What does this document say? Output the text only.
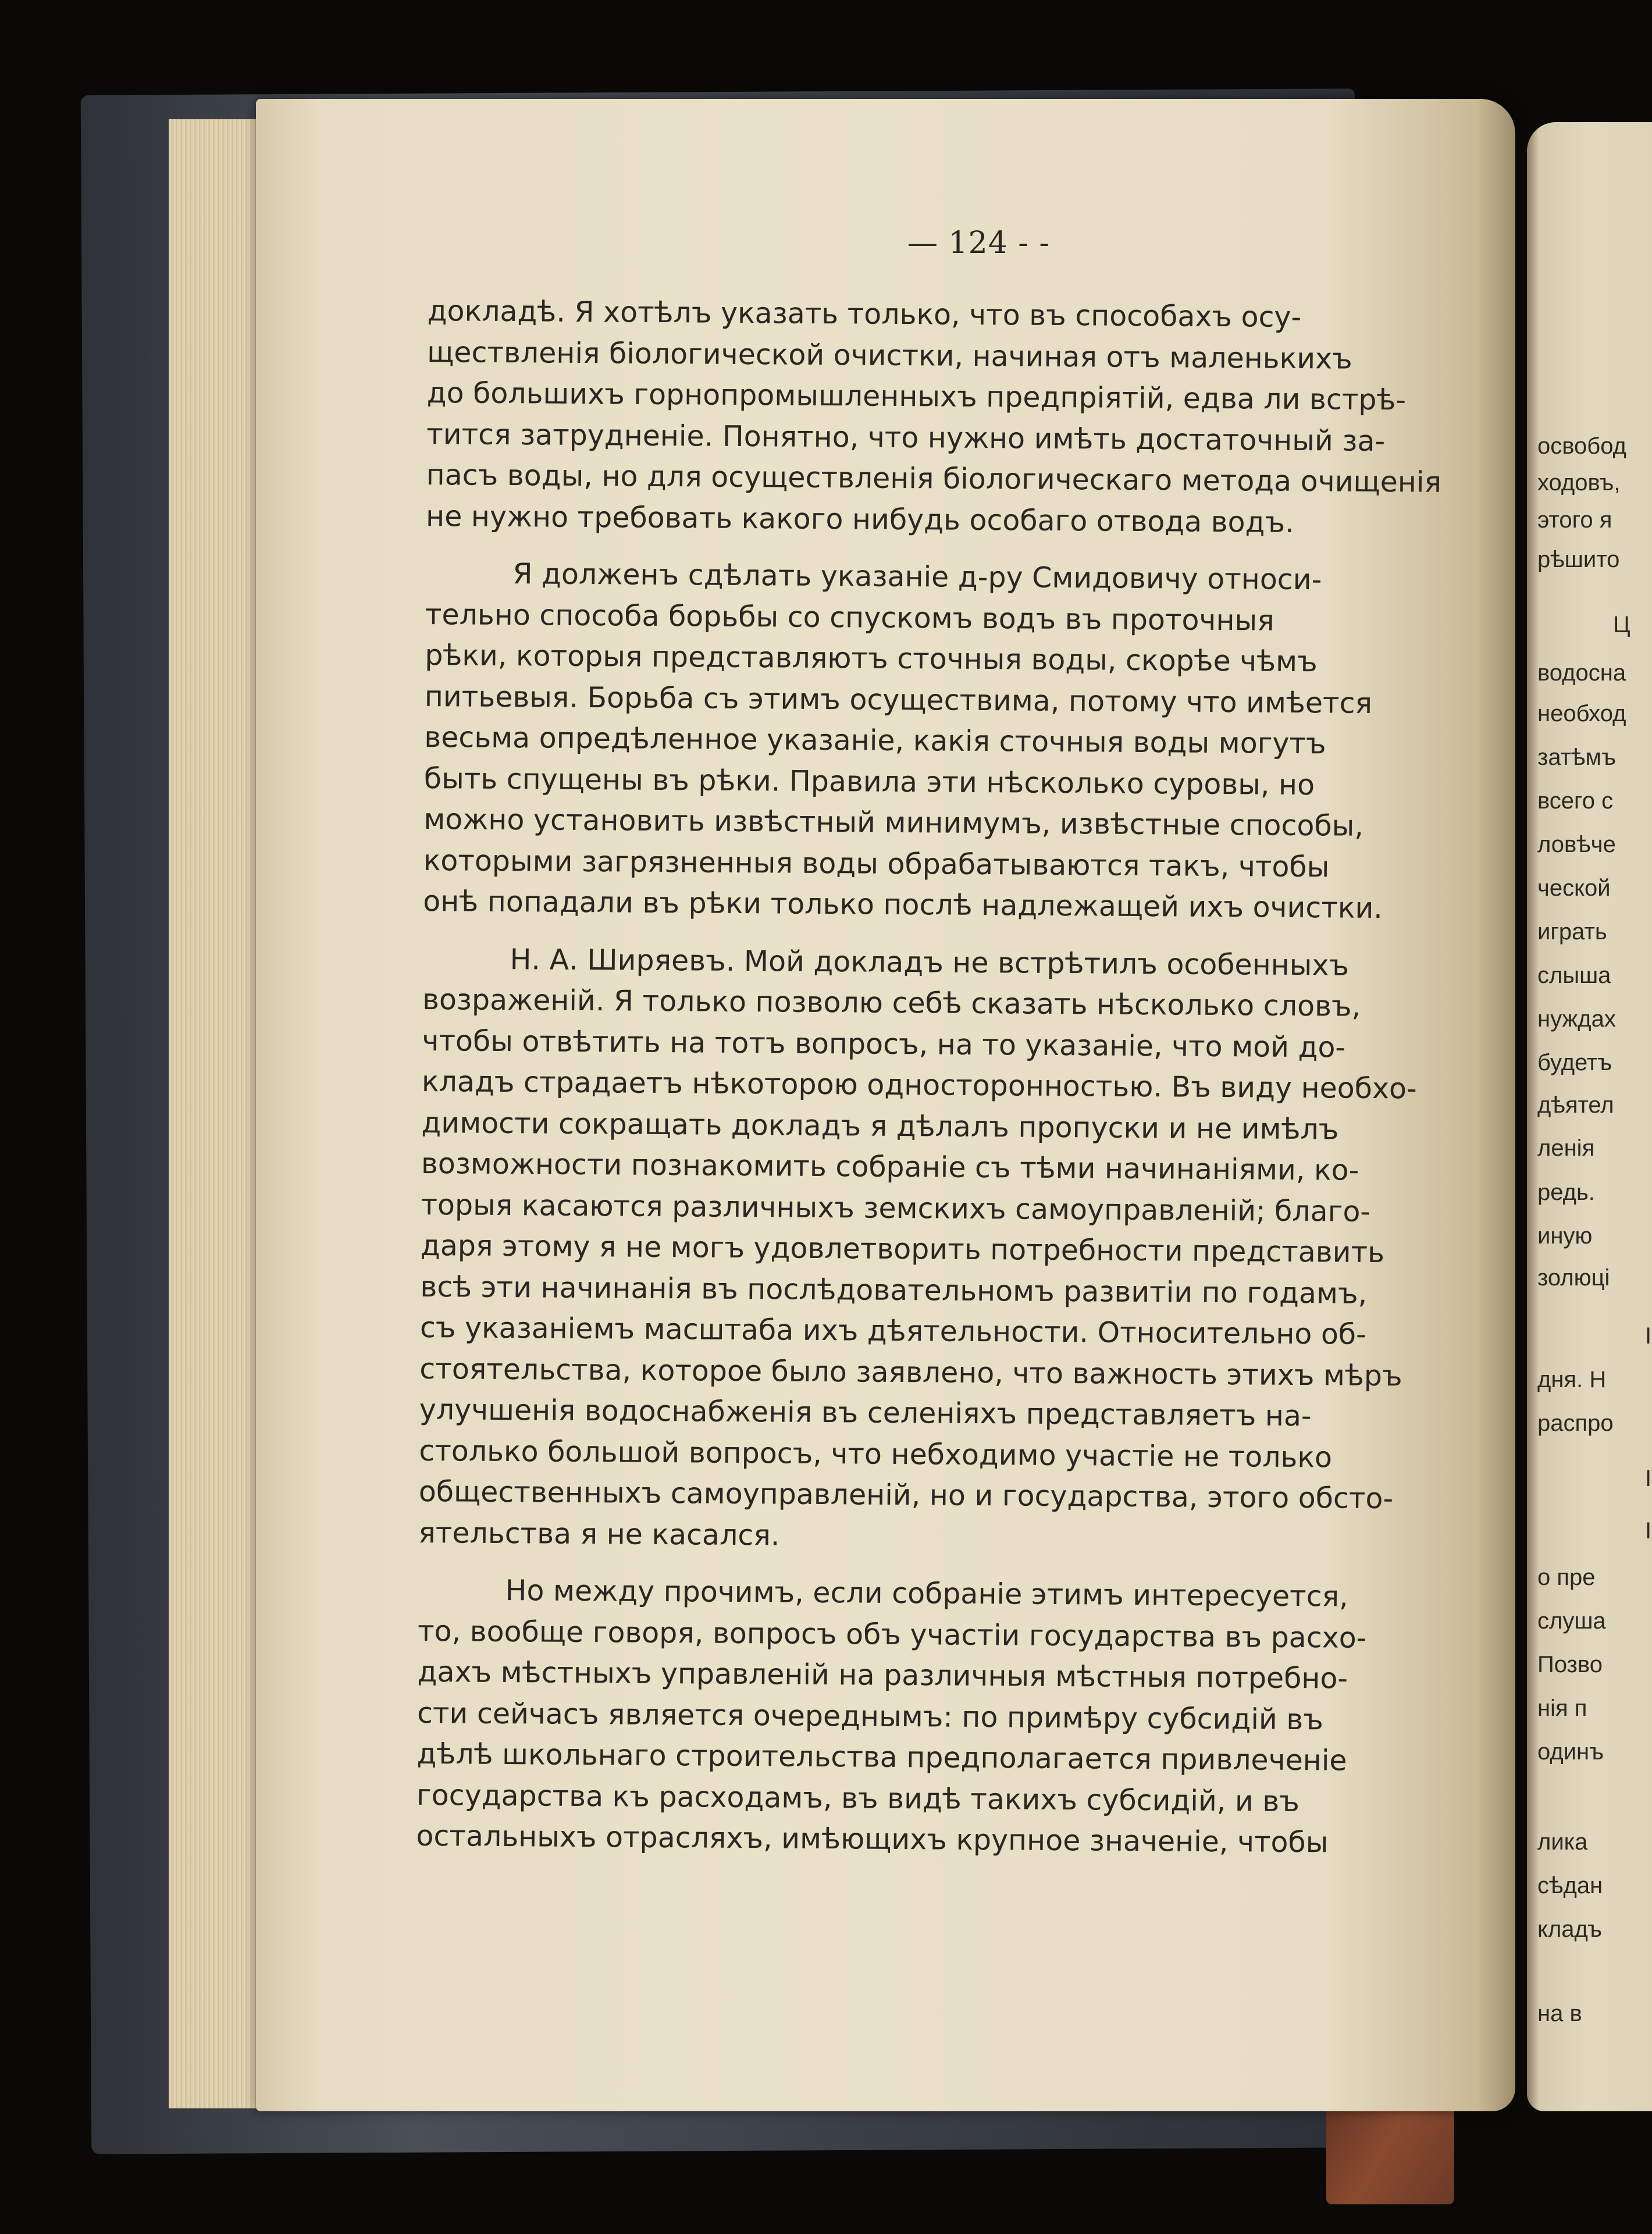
освобод
ходовъ,
этого я
рѣшито
Ц
водосна
необход
затѣмъ
всего с
ловѣче
ческой
играть
слыша
нуждах
будетъ
дѣятел
ленія
редь.
иную
золюці
І
дня. Н
распро
І
І
о пре
слуша
Позво
нія п
одинъ
лика
сѣдан
кладъ
на в
— 124 - -

докладѣ. Я хотѣлъ указать только, что въ способахъ осу-
ществленія біологической очистки, начиная отъ маленькихъ
до большихъ горнопромышленныхъ предпріятій, едва ли встрѣ-
тится затрудненіе. Понятно, что нужно имѣть достаточный за-
пасъ воды, но для осуществленія біологическаго метода очищенія
не нужно требовать какого нибудь особаго отвода водъ.

Я долженъ сдѣлать указаніе д-ру Смидовичу относи-
тельно способа борьбы со спускомъ водъ въ проточныя
рѣки, которыя представляютъ сточныя воды, скорѣе чѣмъ
питьевыя. Борьба съ этимъ осуществима, потому что имѣется
весьма опредѣленное указаніе, какія сточныя воды могутъ
быть спущены въ рѣки. Правила эти нѣсколько суровы, но
можно установить извѣстный минимумъ, извѣстные способы,
которыми загрязненныя воды обрабатываются такъ, чтобы
онѣ попадали въ рѣки только послѣ надлежащей ихъ очистки.

Н. А. Ширяевъ. Мой докладъ не встрѣтилъ особенныхъ
возраженій. Я только позволю себѣ сказать нѣсколько словъ,
чтобы отвѣтить на тотъ вопросъ, на то указаніе, что мой до-
кладъ страдаетъ нѣкоторою односторонностью. Въ виду необхо-
димости сокращать докладъ я дѣлалъ пропуски и не имѣлъ
возможности познакомить собраніе съ тѣми начинаніями, ко-
торыя касаются различныхъ земскихъ самоуправленій; благо-
даря этому я не могъ удовлетворить потребности представить
всѣ эти начинанія въ послѣдовательномъ развитіи по годамъ,
съ указаніемъ масштаба ихъ дѣятельности. Относительно об-
стоятельства, которое было заявлено, что важность этихъ мѣръ
улучшенія водоснабженія въ селеніяхъ представляетъ на-
столько большой вопросъ, что небходимо участіе не только
общественныхъ самоуправленій, но и государства, этого обсто-
ятельства я не касался.

Но между прочимъ, если собраніе этимъ интересуется,
то, вообще говоря, вопросъ объ участіи государства въ расхо-
дахъ мѣстныхъ управленій на различныя мѣстныя потребно-
сти сейчасъ является очереднымъ: по примѣру субсидій въ
дѣлѣ школьнаго строительства предполагается привлеченіе
государства къ расходамъ, въ видѣ такихъ субсидій, и въ
остальныхъ отрасляхъ, имѣющихъ крупное значеніе, чтобы
